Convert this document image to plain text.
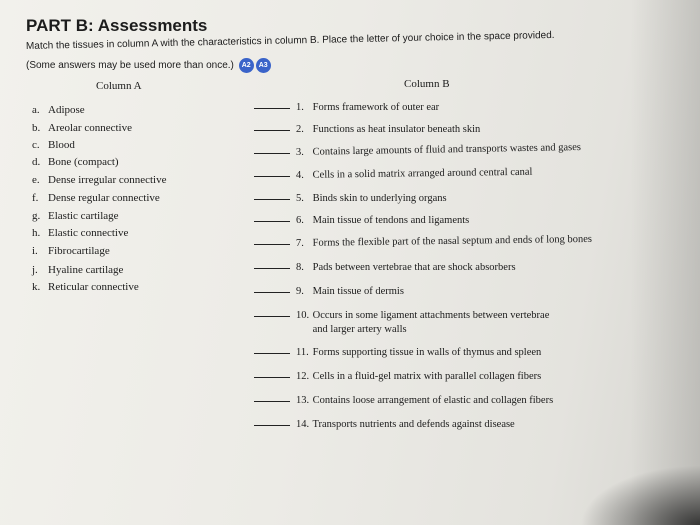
PART B: Assessments
Match the tissues in column A with the characteristics in column B. Place the letter of your choice in the space provided.
(Some answers may be used more than once.) A2 A3
Column A	Column B
a. Adipose
b. Areolar connective
c. Blood
d. Bone (compact)
e. Dense irregular connective
f. Dense regular connective
g. Elastic cartilage
h. Elastic connective
i. Fibrocartilage
j. Hyaline cartilage
k. Reticular connective
1. Forms framework of outer ear
2. Functions as heat insulator beneath skin
3. Contains large amounts of fluid and transports wastes and gases
4. Cells in a solid matrix arranged around central canal
5. Binds skin to underlying organs
6. Main tissue of tendons and ligaments
7. Forms the flexible part of the nasal septum and ends of long bones
8. Pads between vertebrae that are shock absorbers
9. Main tissue of dermis
10. Occurs in some ligament attachments between vertebrae
and larger artery walls
11. Forms supporting tissue in walls of thymus and spleen
12. Cells in a fluid-gel matrix with parallel collagen fibers
13. Contains loose arrangement of elastic and collagen fibers
14. Transports nutrients and defends against disease
